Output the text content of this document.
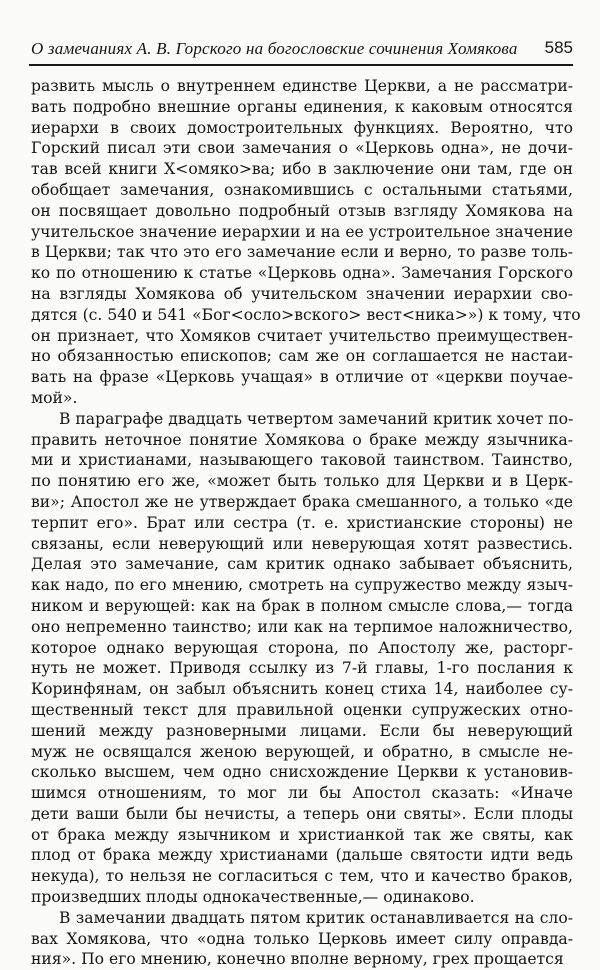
О замечаниях А. В. Горского на богословские сочинения Хомякова 585
развить мысль о внутреннем единстве Церкви, а не рассматри-
вать подробно внешние органы единения, к каковым относятся
иерархи в своих домостроительных функциях. Вероятно, что
Горский писал эти свои замечания о «Церковь одна», не дочи-
тав всей книги Х<омяко>ва; ибо в заключение они там, где он
обобщает замечания, ознакомившись с остальными статьями,
он посвящает довольно подробный отзыв взгляду Хомякова на
учительское значение иерархии и на ее устроительное значение
в Церкви; так что это его замечание если и верно, то разве толь-
ко по отношению к статье «Церковь одна». Замечания Горского
на взгляды Хомякова об учительском значении иерархии сво-
дятся (с. 540 и 541 «Бог<осло>вского> вест<ника>») к тому, что
он признает, что Хомяков считает учительство преимуществен-
но обязанностью епископов; сам же он соглашается не настаи-
вать на фразе «Церковь учащая» в отличие от «церкви поучае-
мой».
В параграфе двадцать четвертом замечаний критик хочет по-
править неточное понятие Хомякова о браке между язычника-
ми и христианами, называющего таковой таинством. Таинство,
по понятию его же, «может быть только для Церкви и в Церк-
ви»; Апостол же не утверждает брака смешанного, а только «де
терпит его». Брат или сестра (т. е. христианские стороны) не
связаны, если неверующий или неверующая хотят развестись.
Делая это замечание, сам критик однако забывает объяснить,
как надо, по его мнению, смотреть на супружество между языч-
ником и верующей: как на брак в полном смысле слова,— тогда
оно непременно таинство; или как на терпимое наложничество,
которое однако верующая сторона, по Апостолу же, расторг-
нуть не может. Приводя ссылку из 7-й главы, 1-го послания к
Коринфянам, он забыл объяснить конец стиха 14, наиболее су-
щественный текст для правильной оценки супружеских отно-
шений между разноверными лицами. Если бы неверующий
муж не освящался женою верующей, и обратно, в смысле не-
сколько высшем, чем одно снисхождение Церкви к установив-
шимся отношениям, то мог ли бы Апостол сказать: «Иначе
дети ваши были бы нечисты, а теперь они святы». Если плоды
от брака между язычником и христианкой так же святы, как
плод от брака между христианами (дальше святости идти ведь
некуда), то нельзя не согласиться с тем, что и качество браков,
произведших плоды однокачественные,— одинаково.
В замечании двадцать пятом критик останавливается на сло-
вах Хомякова, что «одна только Церковь имеет силу оправда-
ния». По его мнению, конечно вполне верному, грех прощается
